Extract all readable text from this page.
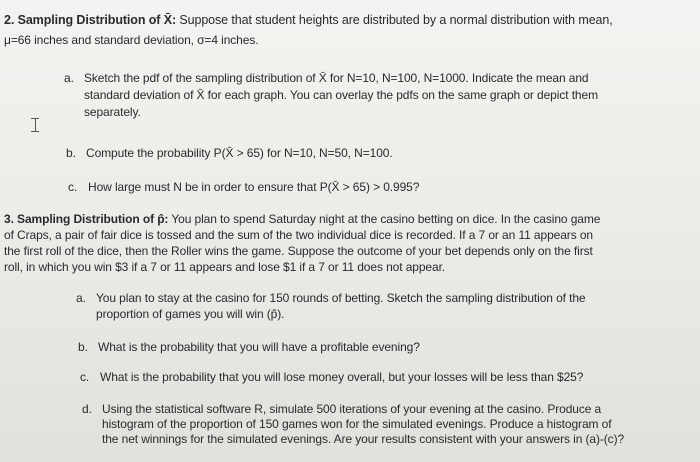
2. Sampling Distribution of X̄: Suppose that student heights are distributed by a normal distribution with mean,
μ=66 inches and standard deviation, σ=4 inches.
a. Sketch the pdf of the sampling distribution of X̄ for N=10, N=100, N=1000. Indicate the mean and
standard deviation of X̄ for each graph. You can overlay the pdfs on the same graph or depict them
separately.
b. Compute the probability P(X̄ > 65) for N=10, N=50, N=100.
c. How large must N be in order to ensure that P(X̄ > 65) > 0.995?
3. Sampling Distribution of p̂: You plan to spend Saturday night at the casino betting on dice. In the casino game
of Craps, a pair of fair dice is tossed and the sum of the two individual dice is recorded. If a 7 or an 11 appears on
the first roll of the dice, then the Roller wins the game. Suppose the outcome of your bet depends only on the first
roll, in which you win $3 if a 7 or 11 appears and lose $1 if a 7 or 11 does not appear.
a. You plan to stay at the casino for 150 rounds of betting. Sketch the sampling distribution of the
proportion of games you will win (p̂).
b. What is the probability that you will have a profitable evening?
c. What is the probability that you will lose money overall, but your losses will be less than $25?
d. Using the statistical software R, simulate 500 iterations of your evening at the casino. Produce a
histogram of the proportion of 150 games won for the simulated evenings. Produce a histogram of
the net winnings for the simulated evenings. Are your results consistent with your answers in (a)-(c)?
